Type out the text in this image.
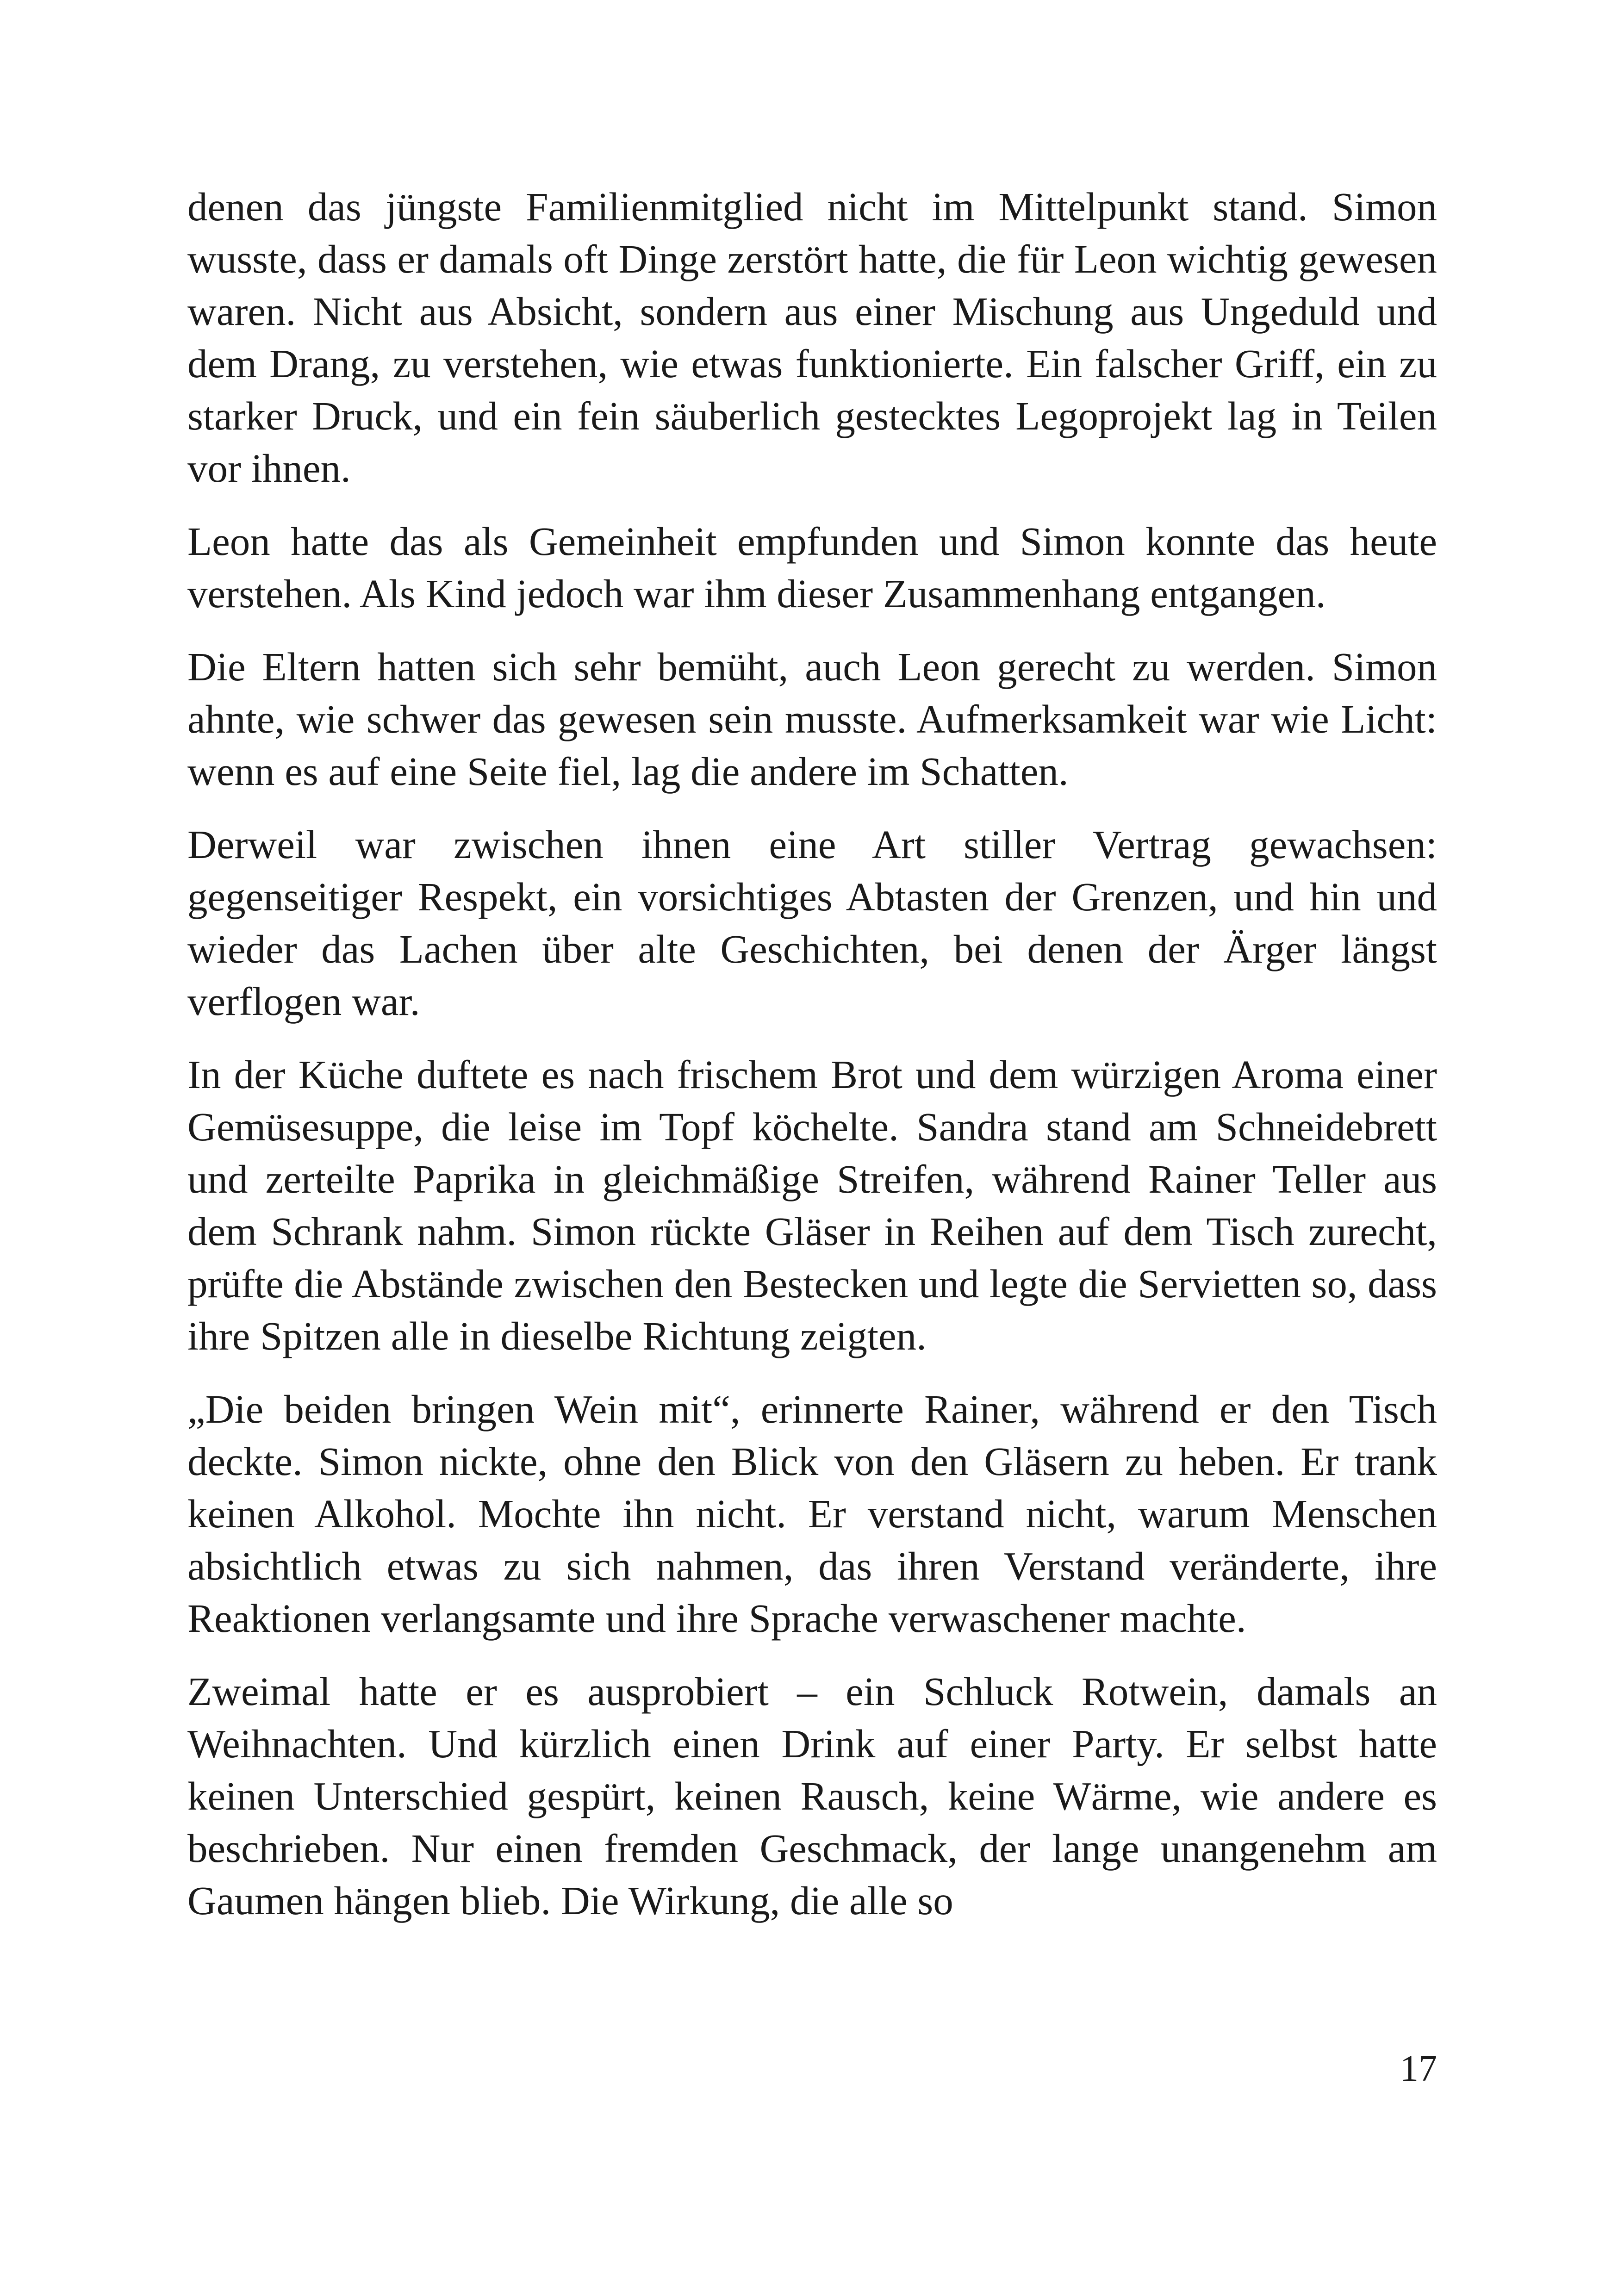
denen das jüngste Familienmitglied nicht im Mittelpunkt stand. Simon wusste, dass er damals oft Dinge zerstört hatte, die für Leon wichtig gewesen waren. Nicht aus Absicht, sondern aus einer Mischung aus Ungeduld und dem Drang, zu verstehen, wie etwas funktionierte. Ein falscher Griff, ein zu starker Druck, und ein fein säuberlich gestecktes Legoprojekt lag in Teilen vor ihnen.

Leon hatte das als Gemeinheit empfunden und Simon konnte das heute verstehen. Als Kind jedoch war ihm dieser Zusammenhang entgangen.

Die Eltern hatten sich sehr bemüht, auch Leon gerecht zu werden. Simon ahnte, wie schwer das gewesen sein musste. Aufmerksamkeit war wie Licht: wenn es auf eine Seite fiel, lag die andere im Schatten.

Derweil war zwischen ihnen eine Art stiller Vertrag gewachsen: gegenseitiger Respekt, ein vorsichtiges Abtasten der Grenzen, und hin und wieder das Lachen über alte Geschichten, bei denen der Ärger längst verflogen war.

In der Küche duftete es nach frischem Brot und dem würzigen Aroma einer Gemüsesuppe, die leise im Topf köchelte. Sandra stand am Schneidebrett und zerteilte Paprika in gleichmäßige Streifen, während Rainer Teller aus dem Schrank nahm. Simon rückte Gläser in Reihen auf dem Tisch zurecht, prüfte die Abstände zwischen den Bestecken und legte die Servietten so, dass ihre Spitzen alle in dieselbe Richtung zeigten.

„Die beiden bringen Wein mit“, erinnerte Rainer, während er den Tisch deckte. Simon nickte, ohne den Blick von den Gläsern zu heben. Er trank keinen Alkohol. Mochte ihn nicht. Er verstand nicht, warum Menschen absichtlich etwas zu sich nahmen, das ihren Verstand veränderte, ihre Reaktionen verlangsamte und ihre Sprache verwaschener machte.

Zweimal hatte er es ausprobiert – ein Schluck Rotwein, damals an Weihnachten. Und kürzlich einen Drink auf einer Party. Er selbst hatte keinen Unterschied gespürt, keinen Rausch, keine Wärme, wie andere es beschrieben. Nur einen fremden Geschmack, der lange unangenehm am Gaumen hängen blieb. Die Wirkung, die alle so

17
